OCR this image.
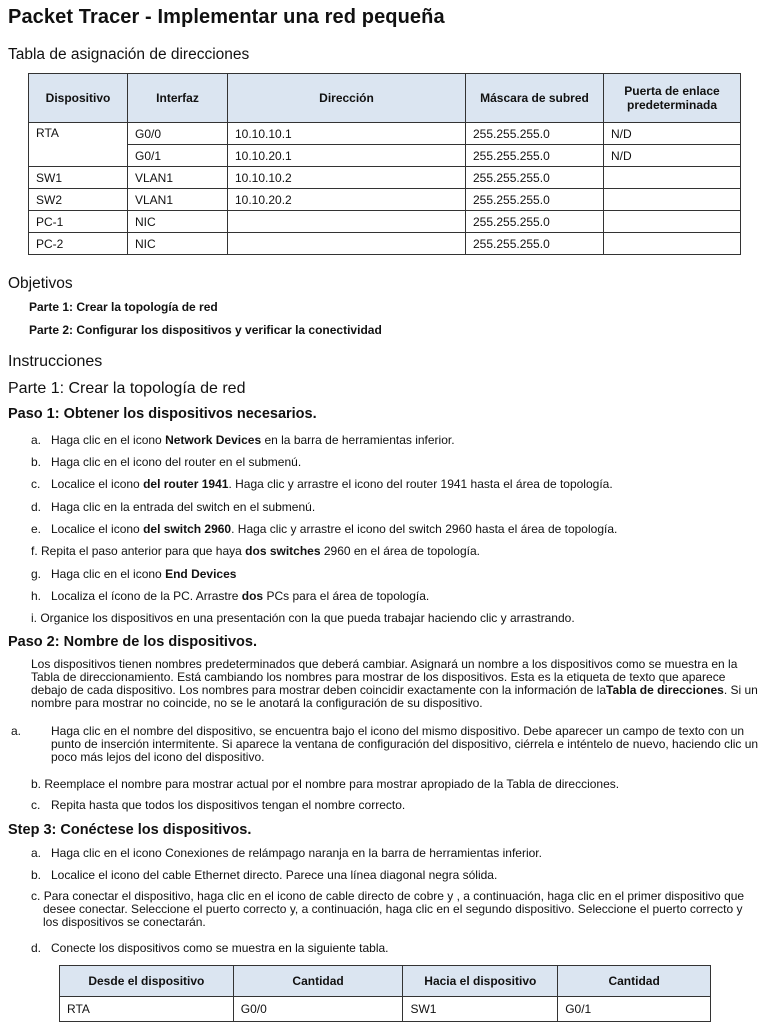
Packet Tracer - Implementar una red pequeña
Tabla de asignación de direcciones
Dispositivo	Interfaz	Dirección	Máscara de subred	Puerta de enlace predeterminada
RTA	G0/0	10.10.10.1	255.255.255.0	N/D
	G0/1	10.10.20.1	255.255.255.0	N/D
SW1	VLAN1	10.10.10.2	255.255.255.0	
SW2	VLAN1	10.10.20.2	255.255.255.0	
PC-1	NIC		255.255.255.0	
PC-2	NIC		255.255.255.0	
Objetivos
Parte 1: Crear la topología de red
Parte 2: Configurar los dispositivos y verificar la conectividad
Instrucciones
Parte 1: Crear la topología de red
Paso 1: Obtener los dispositivos necesarios.
a. Haga clic en el icono Network Devices en la barra de herramientas inferior.
b. Haga clic en el icono del router en el submenú.
c. Localice el icono del router 1941. Haga clic y arrastre el icono del router 1941 hasta el área de topología.
d. Haga clic en la entrada del switch en el submenú.
e. Localice el icono del switch 2960. Haga clic y arrastre el icono del switch 2960 hasta el área de topología.
f. Repita el paso anterior para que haya dos switches 2960 en el área de topología.
g. Haga clic en el icono End Devices
h. Localiza el ícono de la PC. Arrastre dos PCs para el área de topología.
i. Organice los dispositivos en una presentación con la que pueda trabajar haciendo clic y arrastrando.
Paso 2: Nombre de los dispositivos.
Los dispositivos tienen nombres predeterminados que deberá cambiar. Asignará un nombre a los dispositivos como se muestra en la Tabla de direccionamiento. Está cambiando los nombres para mostrar de los dispositivos. Esta es la etiqueta de texto que aparece debajo de cada dispositivo. Los nombres para mostrar deben coincidir exactamente con la información de laTabla de direcciones. Si un nombre para mostrar no coincide, no se le anotará la configuración de su dispositivo.
a. Haga clic en el nombre del dispositivo, se encuentra bajo el icono del mismo dispositivo. Debe aparecer un campo de texto con un punto de inserción intermitente. Si aparece la ventana de configuración del dispositivo, ciérrela e inténtelo de nuevo, haciendo clic un poco más lejos del icono del dispositivo.
b. Reemplace el nombre para mostrar actual por el nombre para mostrar apropiado de la Tabla de direcciones.
c. Repita hasta que todos los dispositivos tengan el nombre correcto.
Step 3: Conéctese los dispositivos.
a. Haga clic en el icono Conexiones de relámpago naranja en la barra de herramientas inferior.
b. Localice el icono del cable Ethernet directo. Parece una línea diagonal negra sólida.
c. Para conectar el dispositivo, haga clic en el icono de cable directo de cobre y , a continuación, haga clic en el primer dispositivo que desee conectar. Seleccione el puerto correcto y, a continuación, haga clic en el segundo dispositivo. Seleccione el puerto correcto y los dispositivos se conectarán.
d. Conecte los dispositivos como se muestra en la siguiente tabla.
Desde el dispositivo	Cantidad	Hacia el dispositivo	Cantidad
RTA	G0/0	SW1	G0/1
